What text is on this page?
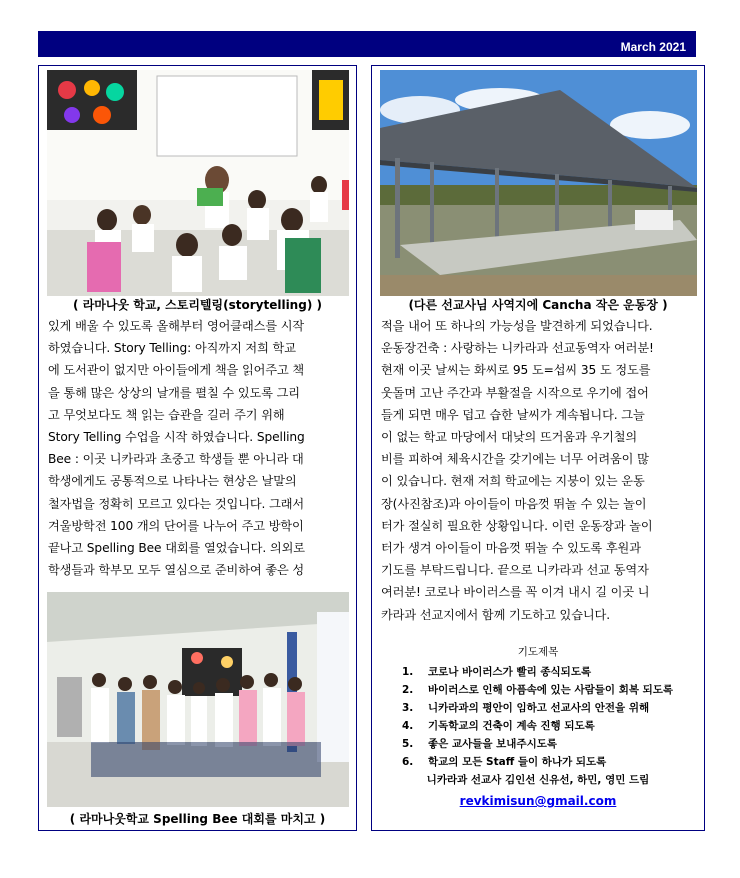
March 2021
( 라마나웃 학교, 스토리텔링(storytelling) )
있게 배울 수 있도록 올해부터 영어클래스를 시작
하였습니다. Story Telling: 아직까지 저희 학교
에 도서관이 없지만 아이들에게 책을 읽어주고 책
을 통해 많은 상상의 날개를 펼칠 수 있도록 그리
고 무엇보다도 책 읽는 습관을 길러 주기 위해
Story Telling 수업을 시작 하였습니다. Spelling
Bee : 이곳 니카라과 초중고 학생들 뿐 아니라 대
학생에게도 공통적으로 나타나는 현상은 날말의
철자법을 정확히 모르고 있다는 것입니다. 그래서
겨울방학전 100 개의 단어를 나누어 주고 방학이
끝나고 Spelling Bee 대회를 열었습니다. 의외로
학생들과 학부모 모두 열심으로 준비하여 좋은 성
( 라마나웃학교 Spelling Bee 대회를 마치고 )
(다른 선교사님 사역지에 Cancha 작은 운동장 )
적을 내어 또 하나의 가능성을 발견하게 되었습니다.
운동장건축 : 사랑하는 니카라과 선교동역자 여러분!
현재 이곳 날씨는 화씨로 95 도=섭씨 35 도 정도를
웃돌며 고난 주간과 부활절을 시작으로 우기에 접어
들게 되면 매우 덥고 습한 날씨가 계속됩니다. 그늘
이 없는 학교 마당에서 대낮의 뜨거움과 우기철의
비를 피하여 체육시간을 갖기에는 너무 어려움이 많
이 있습니다. 현재 저희 학교에는 지붕이 있는 운동
장(사진참조)과 아이들이 마음껏 뛰놀 수 있는 놀이
터가 절실히 필요한 상황입니다. 이런 운동장과 놀이
터가 생겨 아이들이 마음껏 뛰놀 수 있도록 후원과
기도를 부탁드립니다. 끝으로 니카라과 선교 동역자
여러분! 코로나 바이러스를 꼭 이겨 내시 길 이곳 니
카라과 선교지에서 함께 기도하고 있습니다.
기도제목
1. 코로나 바이러스가 빨리 종식되도록
2. 바이러스로 인해 아픔속에 있는 사람들이 회복 되도록
3. 니카라과의 평안이 임하고 선교사의 안전을 위해
4. 기독학교의 건축이 계속 진행 되도록
5. 좋은 교사들을 보내주시도록
6. 학교의 모든 Staff 들이 하나가 되도록
니카라과 선교사 김인선 신유선, 하민, 영민 드림
revkimisun@gmail.com
